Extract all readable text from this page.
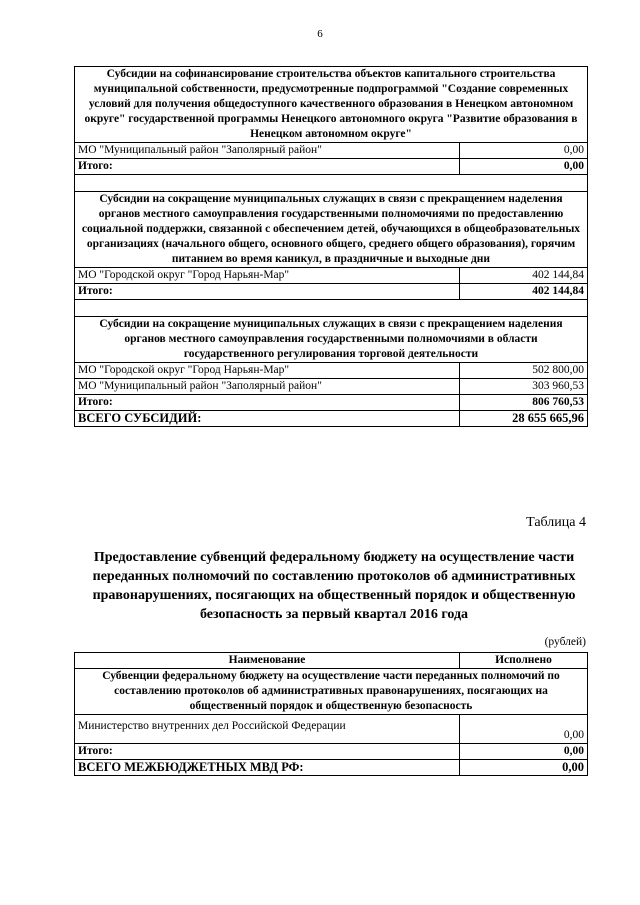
6
Субсидии на софинансирование строительства объектов капитального строительства муниципальной собственности, предусмотренные подпрограммой "Создание современных условий для получения общедоступного качественного образования в Ненецком автономном округе" государственной программы Ненецкого автономного округа "Развитие образования в Ненецком автономном округе"	
МО "Муниципальный район "Заполярный район"	0,00
Итого:	0,00

Субсидии на сокращение муниципальных служащих в связи с прекращением наделения органов местного самоуправления государственными полномочиями по предоставлению социальной поддержки, связанной с обеспечением детей, обучающихся в общеобразовательных организациях (начального общего, основного общего, среднего общего образования), горячим питанием во время каникул, в праздничные и выходные дни	
МО "Городской округ "Город Нарьян-Мар"	402 144,84
Итого:	402 144,84

Субсидии на сокращение муниципальных служащих в связи с прекращением наделения органов местного самоуправления государственными полномочиями в области государственного регулирования торговой деятельности	
МО "Городской округ "Город Нарьян-Мар"	502 800,00
МО "Муниципальный район "Заполярный район"	303 960,53
Итого:	806 760,53
ВСЕГО СУБСИДИЙ:	28 655 665,96
Таблица 4
Предоставление субвенций федеральному бюджету на осуществление части переданных полномочий по составлению протоколов об административных правонарушениях, посягающих на общественный порядок и общественную безопасность за первый квартал 2016 года
(рублей)
Наименование	Исполнено
Субвенции федеральному бюджету на осуществление части переданных полномочий по составлению протоколов об административных правонарушениях, посягающих на общественный порядок и общественную безопасность	
Министерство внутренних дел Российской Федерации	0,00
Итого:	0,00
ВСЕГО МЕЖБЮДЖЕТНЫХ МВД РФ:	0,00
